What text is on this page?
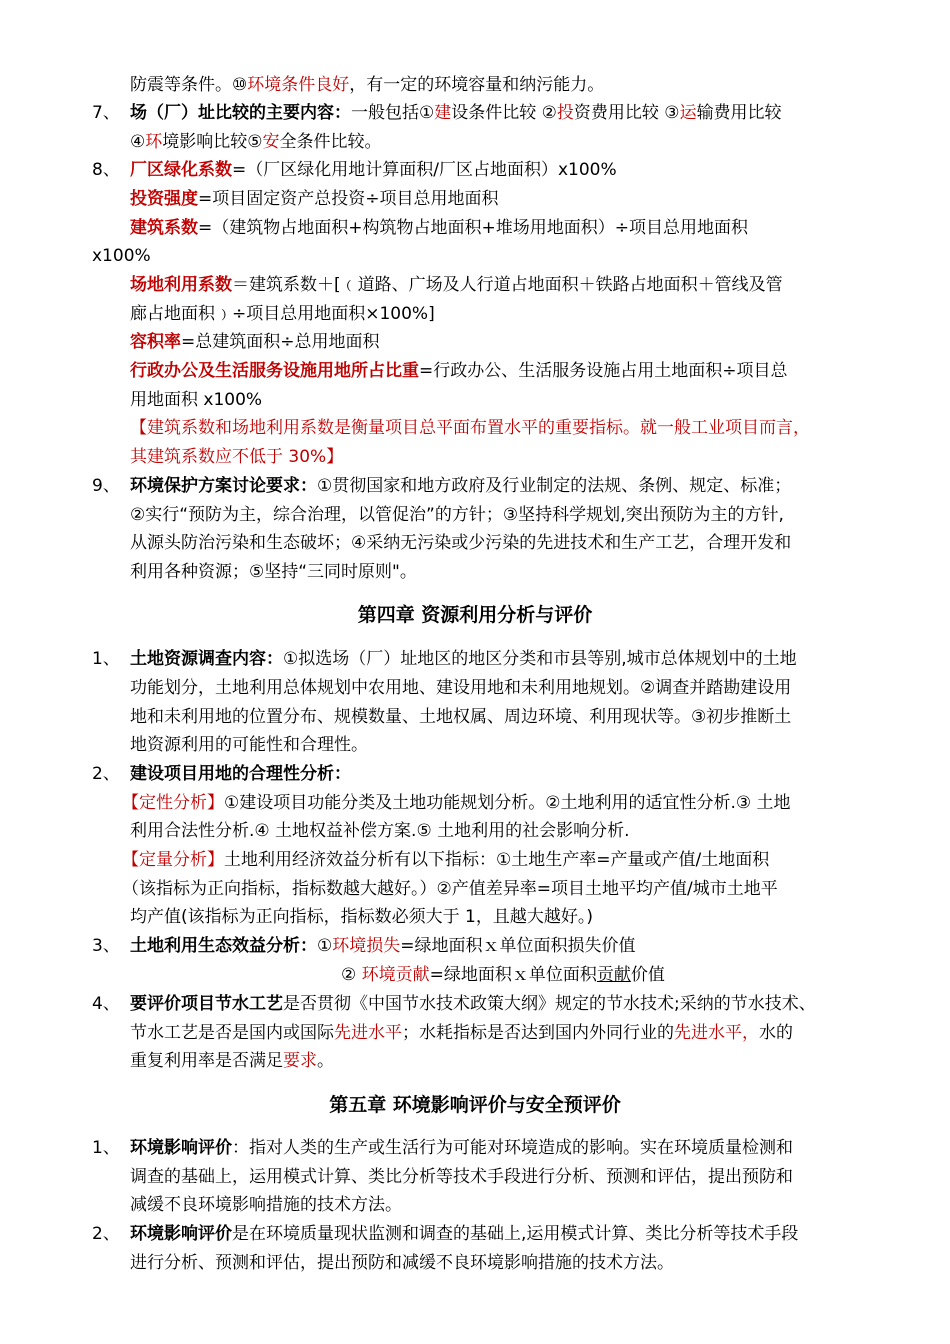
防震等条件。⑩环境条件良好，有一定的环境容量和纳污能力。
7、 场（厂）址比较的主要内容：一般包括①建设条件比较 ②投资费用比较 ③运输费用比较
④环境影响比较⑤安全条件比较。
8、 厂区绿化系数=（厂区绿化用地计算面积/厂区占地面积）x100%
投资强度=项目固定资产总投资÷项目总用地面积
建筑系数=（建筑物占地面积+构筑物占地面积+堆场用地面积）÷项目总用地面积
x100%
场地利用系数＝建筑系数＋[﹙道路、广场及人行道占地面积＋铁路占地面积＋管线及管
廊占地面积﹚÷项目总用地面积×100%]
容积率=总建筑面积÷总用地面积
行政办公及生活服务设施用地所占比重=行政办公、生活服务设施占用土地面积÷项目总
用地面积 x100%
【建筑系数和场地利用系数是衡量项目总平面布置水平的重要指标。就一般工业项目而言，
其建筑系数应不低于 30%】
9、 环境保护方案讨论要求：①贯彻国家和地方政府及行业制定的法规、条例、规定、标准；
②实行“预防为主，综合治理，以管促治”的方针；③坚持科学规划,突出预防为主的方针,
从源头防治污染和生态破坏；④采纳无污染或少污染的先进技术和生产工艺，合理开发和
利用各种资源；⑤坚持“三同时原则"。
第四章 资源利用分析与评价
1、 土地资源调查内容：①拟选场（厂）址地区的地区分类和市县等别,城市总体规划中的土地
功能划分，土地利用总体规划中农用地、建设用地和未利用地规划。②调查并踏勘建设用
地和未利用地的位置分布、规模数量、土地权属、周边环境、利用现状等。③初步推断土
地资源利用的可能性和合理性。
2、 建设项目用地的合理性分析：
【定性分析】①建设项目功能分类及土地功能规划分析。②土地利用的适宜性分析.③ 土地
利用合法性分析.④ 土地权益补偿方案.⑤ 土地利用的社会影响分析.
【定量分析】土地利用经济效益分析有以下指标：①土地生产率=产量或产值/土地面积
（该指标为正向指标，指标数越大越好。）②产值差异率=项目土地平均产值/城市土地平
均产值(该指标为正向指标，指标数必须大于 1，且越大越好。)
3、 土地利用生态效益分析：①环境损失=绿地面积ｘ单位面积损失价值
② 环境贡献=绿地面积ｘ单位面积贡献价值
4、 要评价项目节水工艺是否贯彻《中国节水技术政策大纲》规定的节水技术;采纳的节水技术、
节水工艺是否是国内或国际先进水平；水耗指标是否达到国内外同行业的先进水平，水的
重复利用率是否满足要求。
第五章 环境影响评价与安全预评价
1、 环境影响评价：指对人类的生产或生活行为可能对环境造成的影响。实在环境质量检测和
调查的基础上，运用模式计算、类比分析等技术手段进行分析、预测和评估，提出预防和
减缓不良环境影响措施的技术方法。
2、 环境影响评价是在环境质量现状监测和调查的基础上,运用模式计算、类比分析等技术手段
进行分析、预测和评估，提出预防和减缓不良环境影响措施的技术方法。
